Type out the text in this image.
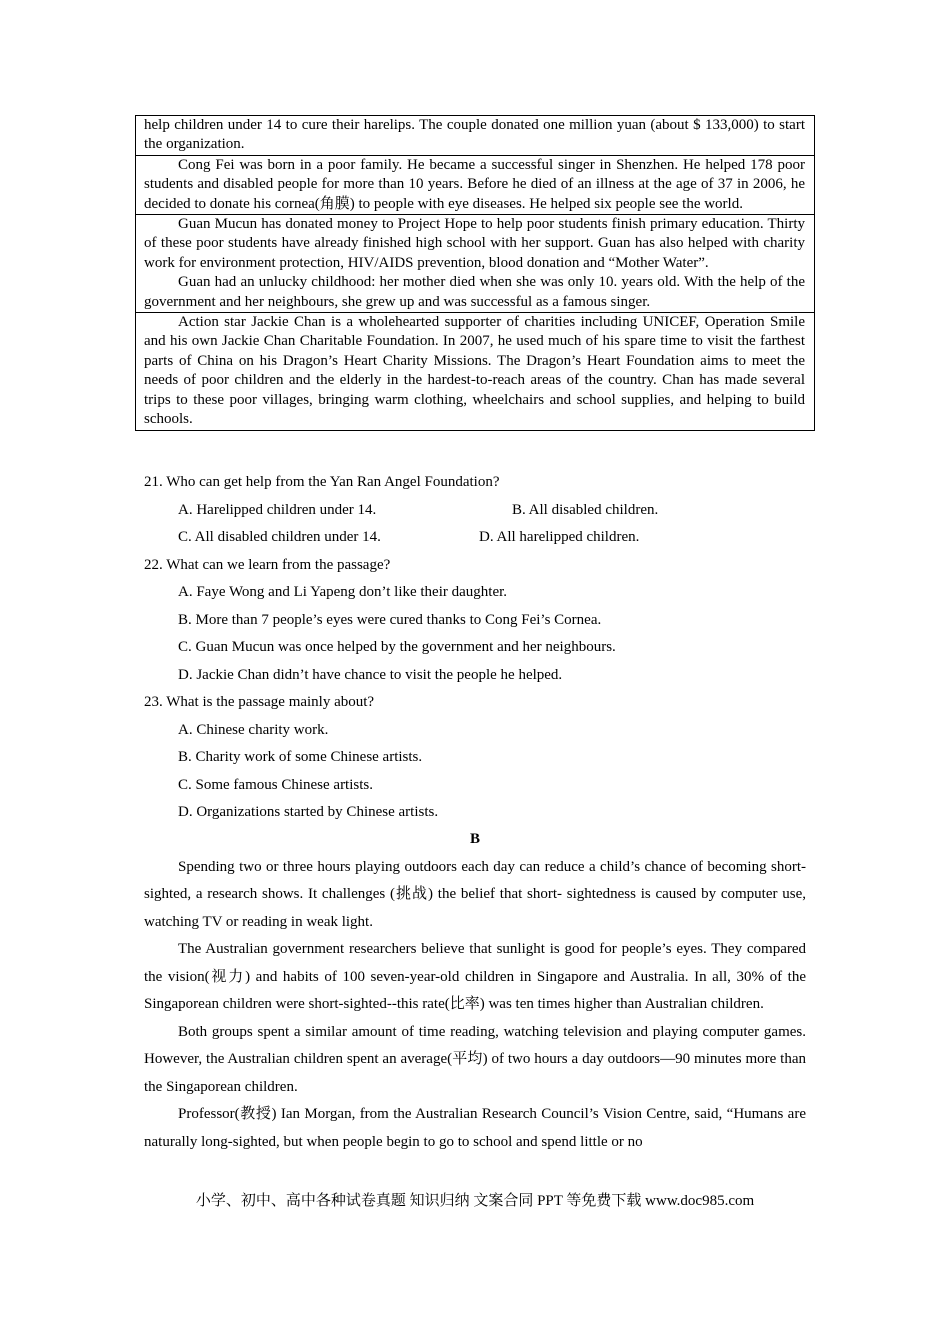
help children under 14 to cure their harelips. The couple donated one million yuan (about $ 133,000) to start the organization.

Cong Fei was born in a poor family. He became a successful singer in Shenzhen. He helped 178 poor students and disabled people for more than 10 years. Before he died of an illness at the age of 37 in 2006, he decided to donate his cornea(角膜) to people with eye diseases. He helped six people see the world.

Guan Mucun has donated money to Project Hope to help poor students finish primary education. Thirty of these poor students have already finished high school with her support. Guan has also helped with charity work for environment protection, HIV/AIDS prevention, blood donation and “Mother Water”.

Guan had an unlucky childhood: her mother died when she was only 10. years old. With the help of the government and her neighbours, she grew up and was successful as a famous singer.

Action star Jackie Chan is a wholehearted supporter of charities including UNICEF, Operation Smile and his own Jackie Chan Charitable Foundation. In 2007, he used much of his spare time to visit the farthest parts of China on his Dragon’s Heart Charity Missions. The Dragon’s Heart Foundation aims to meet the needs of poor children and the elderly in the hardest-to-reach areas of the country. Chan has made several trips to these poor villages, bringing warm clothing, wheelchairs and school supplies, and helping to build schools.

21. Who can get help from the Yan Ran Angel Foundation?
A. Harelipped children under 14.	B. All disabled children.
C. All disabled children under 14.	D. All harelipped children.
22. What can we learn from the passage?
A. Faye Wong and Li Yapeng don’t like their daughter.
B. More than 7 people’s eyes were cured thanks to Cong Fei’s Cornea.
C. Guan Mucun was once helped by the government and her neighbours.
D. Jackie Chan didn’t have chance to visit the people he helped.
23. What is the passage mainly about?
A. Chinese charity work.
B. Charity work of some Chinese artists.
C. Some famous Chinese artists.
D. Organizations started by Chinese artists.
B

Spending two or three hours playing outdoors each day can reduce a child’s chance of becoming short-sighted, a research shows. It challenges (挑战) the belief that short- sightedness is caused by computer use, watching TV or reading in weak light.

The Australian government researchers believe that sunlight is good for people’s eyes. They compared the vision(视力) and habits of 100 seven-year-old children in Singapore and Australia. In all, 30% of the Singaporean children were short-sighted--this rate(比率) was ten times higher than Australian children.

Both groups spent a similar amount of time reading, watching television and playing computer games. However, the Australian children spent an average(平均) of two hours a day outdoors—90 minutes more than the Singaporean children.

Professor(教授) Ian Morgan, from the Australian Research Council’s Vision Centre, said, “Humans are naturally long-sighted, but when people begin to go to school and spend little or no

小学、初中、高中各种试卷真题 知识归纳 文案合同 PPT 等免费下载 www.doc985.com
